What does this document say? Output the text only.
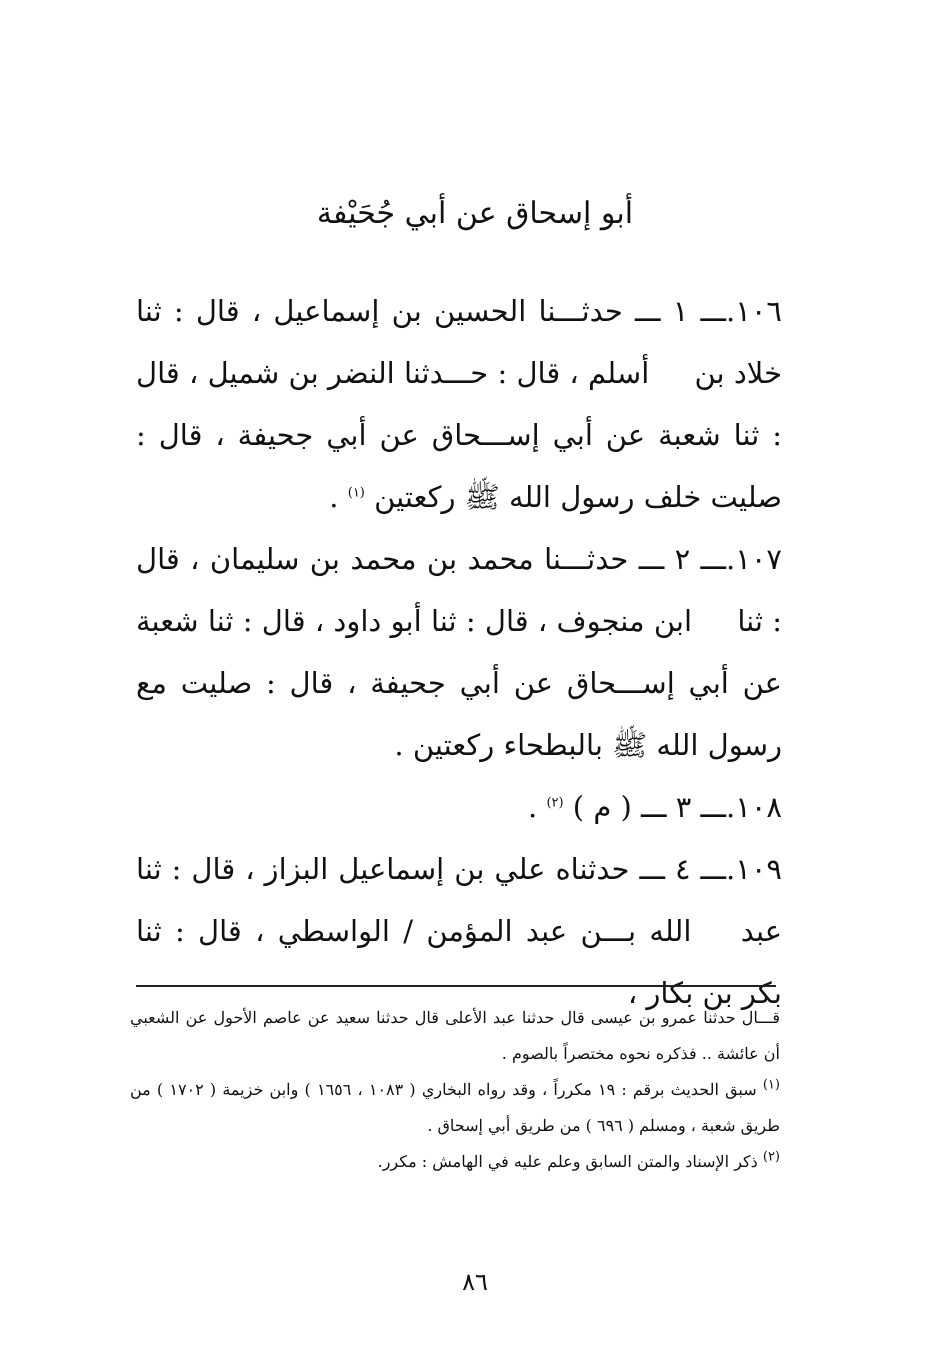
أبو إسحاق عن أبي جُحَيْفة

١٠٦.ـــ ١ ـــ حدثـــنا الحسين بن إسماعيل ، قال : ثنا خلاد بن أسلم ، قال : حـــدثنا النضر بن شميل ، قال : ثنا شعبة عن أبي إســـحاق عن أبي جحيفة ، قال : صليت خلف رسول الله ﷺ ركعتين $^{(١)}$ .

١٠٧.ـــ ٢ ـــ حدثـــنا محمد بن محمد بن سليمان ، قال : ثنا ابن منجوف ، قال : ثنا أبو داود ، قال : ثنا شعبة عن أبي إســـحاق عن أبي جحيفة ، قال : صليت مع رسول الله ﷺ بالبطحاء ركعتين .

١٠٨.ـــ ٣ ـــ ( م ) $^{(٢)}$ .

١٠٩.ـــ ٤ ـــ حدثناه علي بن إسماعيل البزاز ، قال : ثنا عبد الله بـــن عبد المؤمن / الواسطي ، قال : ثنا بكر بن بكار ،

قـــال حدثنا عمرو بن عيسى قال حدثنا عبد الأعلى قال حدثنا سعيد عن عاصم الأحول عن الشعبي أن عائشة .. فذكره نحوه مختصراً بالصوم .

$^{(١)}$ سبق الحديث برقم : ١٩ مكرراً ، وقد رواه البخاري ( ١٠٨٣ ، ١٦٥٦ ) وابن خزيمة ( ١٧٠٢ ) من طريق شعبة ، ومسلم ( ٦٩٦ ) من طريق أبي إسحاق .

$^{(٢)}$ ذكر الإسناد والمتن السابق وعلم عليه في الهامش : مكرر.

٨٦
